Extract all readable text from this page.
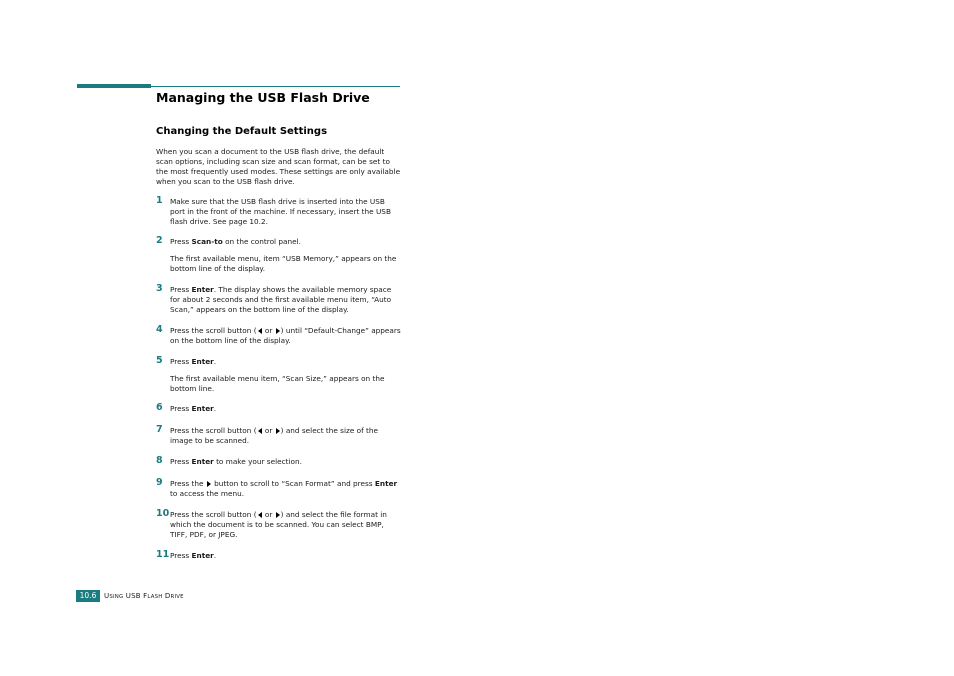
Managing the USB Flash Drive
Changing the Default Settings
When you scan a document to the USB flash drive, the default scan options, including scan size and scan format, can be set to the most frequently used modes. These settings are only available when you scan to the USB flash drive.
1 Make sure that the USB flash drive is inserted into the USB port in the front of the machine. If necessary, insert the USB flash drive. See page 10.2.
2 Press Scan-to on the control panel.
The first available menu, item “USB Memory,” appears on the bottom line of the display.
3 Press Enter. The display shows the available memory space for about 2 seconds and the first available menu item, “Auto Scan,” appears on the bottom line of the display.
4 Press the scroll button ( or ) until “Default-Change” appears on the bottom line of the display.
5 Press Enter.
The first available menu item, “Scan Size,” appears on the bottom line.
6 Press Enter.
7 Press the scroll button ( or ) and select the size of the image to be scanned.
8 Press Enter to make your selection.
9 Press the  button to scroll to “Scan Format” and press Enter to access the menu.
10 Press the scroll button ( or ) and select the file format in which the document is to be scanned. You can select BMP, TIFF, PDF, or JPEG.
11 Press Enter.
10.6	USING USB FLASH DRIVE
